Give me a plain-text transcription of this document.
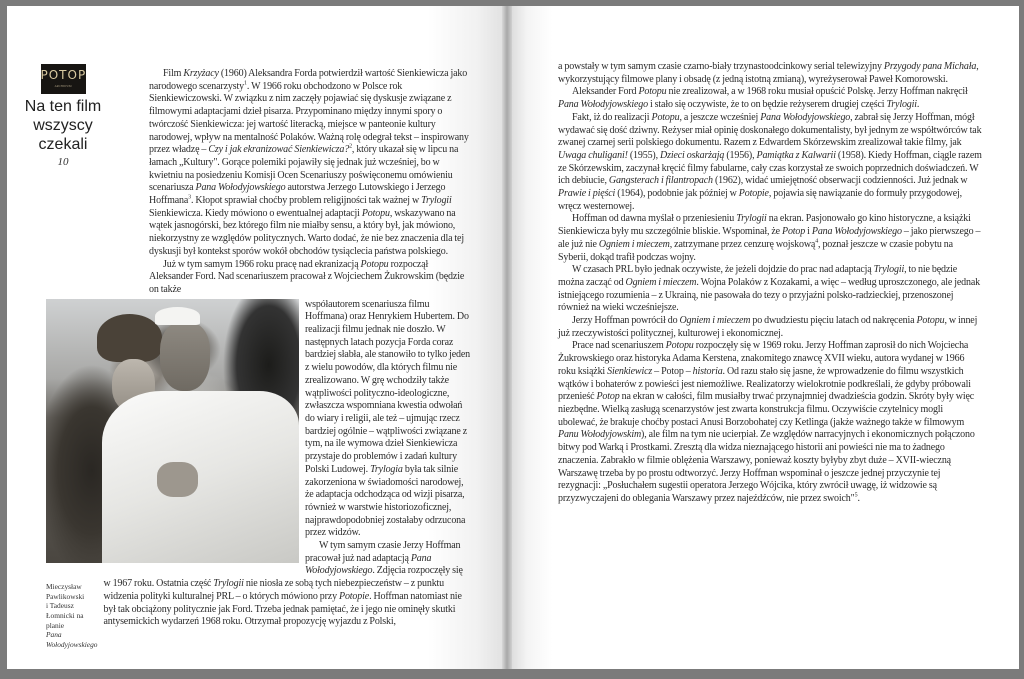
POTOP
ARCHIWUM
Na ten film
wszyscy
czekali
10

Film Krzyżacy (1960) Aleksandra Forda potwierdził wartość Sienkiewicza jako narodowego scenarzysty$^1$. W 1966 roku obchodzono w Polsce rok Sienkiewiczowski. W związku z nim zaczęły pojawiać się dyskusje związane z filmowymi adaptacjami dzieł pisarza. Przypominano między innymi spory o twórczość Sienkiewicza: jej wartość literacką, miejsce w panteonie kultury narodowej, wpływ na mentalność Polaków. Ważną rolę odegrał tekst – inspirowany przez władzę – Czy i jak ekranizować Sienkiewicza?$^2$, który ukazał się w lipcu na łamach „Kultury". Gorące polemiki pojawiły się jednak już wcześniej, bo w kwietniu na posiedzeniu Komisji Ocen Scenariuszy poświęconemu omówieniu scenariusza Pana Wołodyjowskiego autorstwa Jerzego Lutowskiego i Jerzego Hoffmana$^3$. Kłopot sprawiał choćby problem religijności tak ważnej w Trylogii Sienkiewicza. Kiedy mówiono o ewentualnej adaptacji Potopu, wskazywano na wątek jasnogórski, bez którego film nie miałby sensu, a który był, jak mówiono, niekorzystny ze względów politycznych. Warto dodać, że nie bez znaczenia dla tej dyskusji był kontekst sporów wokół obchodów tysiąclecia państwa polskiego.

Już w tym samym 1966 roku pracę nad ekranizacją Potopu rozpoczął Aleksander Ford. Nad scenariuszem pracował z Wojciechem Żukrowskim (będzie on także

współautorem scenariusza filmu Hoffmana) oraz Henrykiem Hubertem. Do realizacji filmu jednak nie doszło. W następnych latach pozycja Forda coraz bardziej słabła, ale stanowiło to tylko jeden z wielu powodów, dla których filmu nie zrealizowano. W grę wchodziły także wątpliwości polityczno-ideologiczne, zwłaszcza wspomniana kwestia odwołań do wiary i religii, ale też – ujmując rzecz bardziej ogólnie – wątpliwości związane z tym, na ile wymowa dzieł Sienkiewicza przystaje do problemów i zadań kultury Polski Ludowej. Trylogia była tak silnie zakorzeniona w świadomości narodowej, że adaptacja odchodząca od wizji pisarza, również w warstwie historiozoficznej, najprawdopodobniej zostałaby odrzucona przez widzów.

W tym samym czasie Jerzy Hoffman pracował już nad adaptacją Pana Wołodyjowskiego. Zdjęcia rozpoczęły się

Mieczysław Pawlikowski
i Tadeusz Łomnicki na planie
Pana Wołodyjowskiego

w 1967 roku. Ostatnia część Trylogii nie niosła ze sobą tych niebezpieczeństw – z punktu widzenia polityki kulturalnej PRL – o których mówiono przy Potopie. Hoffman natomiast nie był tak obciążony politycznie jak Ford. Trzeba jednak pamiętać, że i jego nie ominęły skutki antysemickich wydarzeń 1968 roku. Otrzymał propozycję wyjazdu z Polski,

a powstały w tym samym czasie czarno-biały trzynastoodcinkowy serial telewizyjny Przygody pana Michała, wykorzystujący filmowe plany i obsadę (z jedną istotną zmianą), wyreżyserował Paweł Komorowski.

Aleksander Ford Potopu nie zrealizował, a w 1968 roku musiał opuścić Polskę. Jerzy Hoffman nakręcił Pana Wołodyjowskiego i stało się oczywiste, że to on będzie reżyserem drugiej części Trylogii.

Fakt, iż do realizacji Potopu, a jeszcze wcześniej Pana Wołodyjowskiego, zabrał się Jerzy Hoffman, mógł wydawać się dość dziwny. Reżyser miał opinię doskonałego dokumentalisty, był jednym ze współtwórców tak zwanej czarnej serii polskiego dokumentu. Razem z Edwardem Skórzewskim zrealizował takie filmy, jak Uwaga chuligani! (1955), Dzieci oskarżają (1956), Pamiątka z Kalwarii (1958). Kiedy Hoffman, ciągle razem ze Skórzewskim, zaczynał kręcić filmy fabularne, cały czas korzystał ze swoich poprzednich doświadczeń. W ich debiucie, Gangsterach i filantropach (1962), widać umiejętność obserwacji codzienności. Już jednak w Prawie i pięści (1964), podobnie jak później w Potopie, pojawia się nawiązanie do formuły przygodowej, wręcz westernowej.

Hoffman od dawna myślał o przeniesieniu Trylogii na ekran. Pasjonowało go kino historyczne, a książki Sienkiewicza były mu szczególnie bliskie. Wspominał, że Potop i Pana Wołodyjowskiego – jako pierwszego – ale już nie Ogniem i mieczem, zatrzymane przez cenzurę wojskową$^4$, poznał jeszcze w czasie pobytu na Syberii, dokąd trafił podczas wojny.

W czasach PRL było jednak oczywiste, że jeżeli dojdzie do prac nad adaptacją Trylogii, to nie będzie można zacząć od Ogniem i mieczem. Wojna Polaków z Kozakami, a więc – według uproszczonego, ale jednak istniejącego rozumienia – z Ukrainą, nie pasowała do tezy o przyjaźni polsko-radzieckiej, przenoszonej również na wieki wcześniejsze.

Jerzy Hoffman powrócił do Ogniem i mieczem po dwudziestu pięciu latach od nakręcenia Potopu, w innej już rzeczywistości politycznej, kulturowej i ekonomicznej.

Prace nad scenariuszem Potopu rozpoczęły się w 1969 roku. Jerzy Hoffman zaprosił do nich Wojciecha Żukrowskiego oraz historyka Adama Kerstena, znakomitego znawcę XVII wieku, autora wydanej w 1966 roku książki Sienkiewicz – Potop – historia. Od razu stało się jasne, że wprowadzenie do filmu wszystkich wątków i bohaterów z powieści jest niemożliwe. Realizatorzy wielokrotnie podkreślali, że gdyby próbowali przenieść Potop na ekran w całości, film musiałby trwać przynajmniej dwadzieścia godzin. Skróty były więc niezbędne. Wielką zasługą scenarzystów jest zwarta konstrukcja filmu. Oczywiście czytelnicy mogli ubolewać, że brakuje choćby postaci Anusi Borzobohatej czy Ketlinga (jakże ważnego także w filmowym Panu Wołodyjowskim), ale film na tym nie ucierpiał. Ze względów narracyjnych i ekonomicznych połączono bitwy pod Warką i Prostkami. Zresztą dla widza nieznającego historii ani powieści nie ma to żadnego znaczenia. Zabrakło w filmie oblężenia Warszawy, ponieważ koszty byłyby zbyt duże – XVII-wieczną Warszawę trzeba by po prostu odtworzyć. Jerzy Hoffman wspominał o jeszcze jednej przyczynie tej rezygnacji: „Posłuchałem sugestii operatora Jerzego Wójcika, który zwrócił uwagę, iż widzowie są przyzwyczajeni do oblegania Warszawy przez najeźdźców, nie przez swoich"$^5$.
